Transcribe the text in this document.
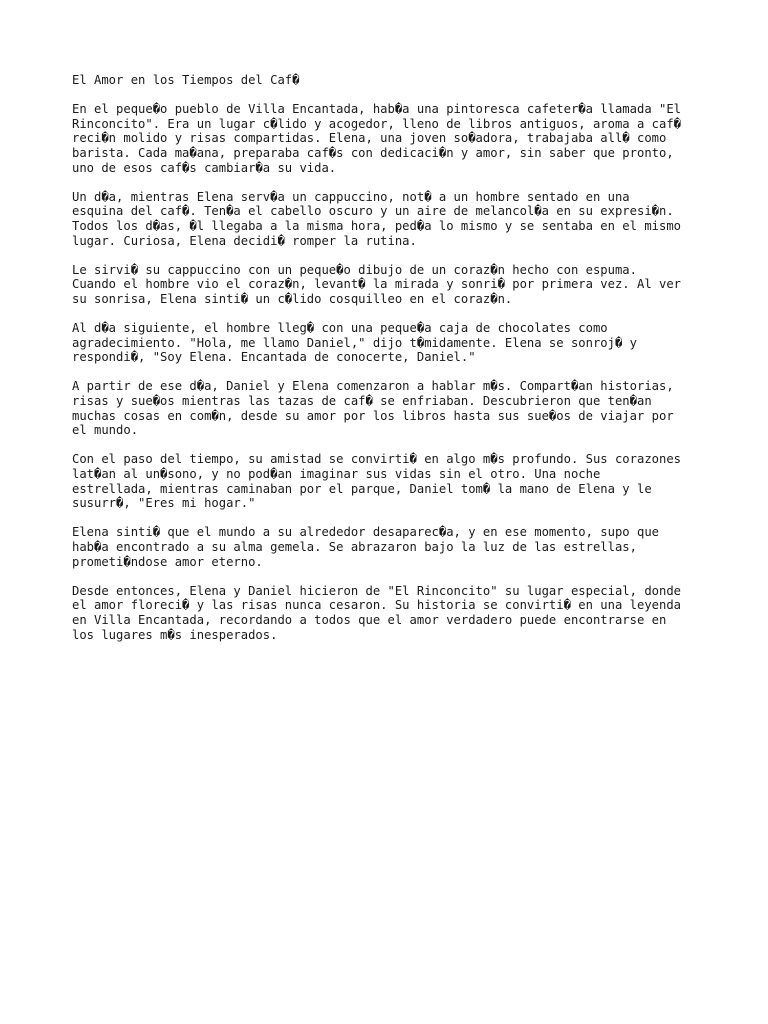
El Amor en los Tiempos del Caf�
En el peque�o pueblo de Villa Encantada, hab�a una pintoresca cafeter�a llamada "El
Rinconcito". Era un lugar c�lido y acogedor, lleno de libros antiguos, aroma a caf�
reci�n molido y risas compartidas. Elena, una joven so�adora, trabajaba all� como
barista. Cada ma�ana, preparaba caf�s con dedicaci�n y amor, sin saber que pronto,
uno de esos caf�s cambiar�a su vida.
Un d�a, mientras Elena serv�a un cappuccino, not� a un hombre sentado en una
esquina del caf�. Ten�a el cabello oscuro y un aire de melancol�a en su expresi�n.
Todos los d�as, �l llegaba a la misma hora, ped�a lo mismo y se sentaba en el mismo
lugar. Curiosa, Elena decidi� romper la rutina.
Le sirvi� su cappuccino con un peque�o dibujo de un coraz�n hecho con espuma.
Cuando el hombre vio el coraz�n, levant� la mirada y sonri� por primera vez. Al ver
su sonrisa, Elena sinti� un c�lido cosquilleo en el coraz�n.
Al d�a siguiente, el hombre lleg� con una peque�a caja de chocolates como
agradecimiento. "Hola, me llamo Daniel," dijo t�midamente. Elena se sonroj� y
respondi�, "Soy Elena. Encantada de conocerte, Daniel."
A partir de ese d�a, Daniel y Elena comenzaron a hablar m�s. Compart�an historias,
risas y sue�os mientras las tazas de caf� se enfriaban. Descubrieron que ten�an
muchas cosas en com�n, desde su amor por los libros hasta sus sue�os de viajar por
el mundo.
Con el paso del tiempo, su amistad se convirti� en algo m�s profundo. Sus corazones
lat�an al un�sono, y no pod�an imaginar sus vidas sin el otro. Una noche
estrellada, mientras caminaban por el parque, Daniel tom� la mano de Elena y le
susurr�, "Eres mi hogar."
Elena sinti� que el mundo a su alrededor desaparec�a, y en ese momento, supo que
hab�a encontrado a su alma gemela. Se abrazaron bajo la luz de las estrellas,
prometi�ndose amor eterno.
Desde entonces, Elena y Daniel hicieron de "El Rinconcito" su lugar especial, donde
el amor floreci� y las risas nunca cesaron. Su historia se convirti� en una leyenda
en Villa Encantada, recordando a todos que el amor verdadero puede encontrarse en
los lugares m�s inesperados.
